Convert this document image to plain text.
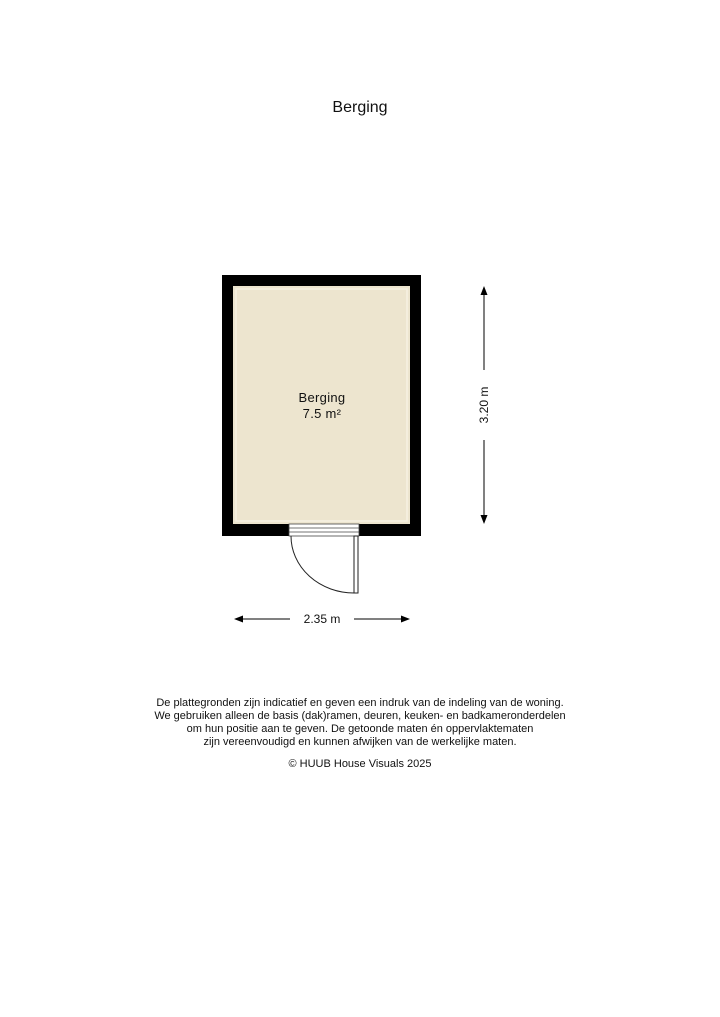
Berging
Berging
7.5 m²
2.35 m
3.20 m
De plattegronden zijn indicatief en geven een indruk van de indeling van de woning.
We gebruiken alleen de basis (dak)ramen, deuren, keuken- en badkameronderdelen
om hun positie aan te geven. De getoonde maten én oppervlaktematen
zijn vereenvoudigd en kunnen afwijken van de werkelijke maten.
© HUUB House Visuals 2025
